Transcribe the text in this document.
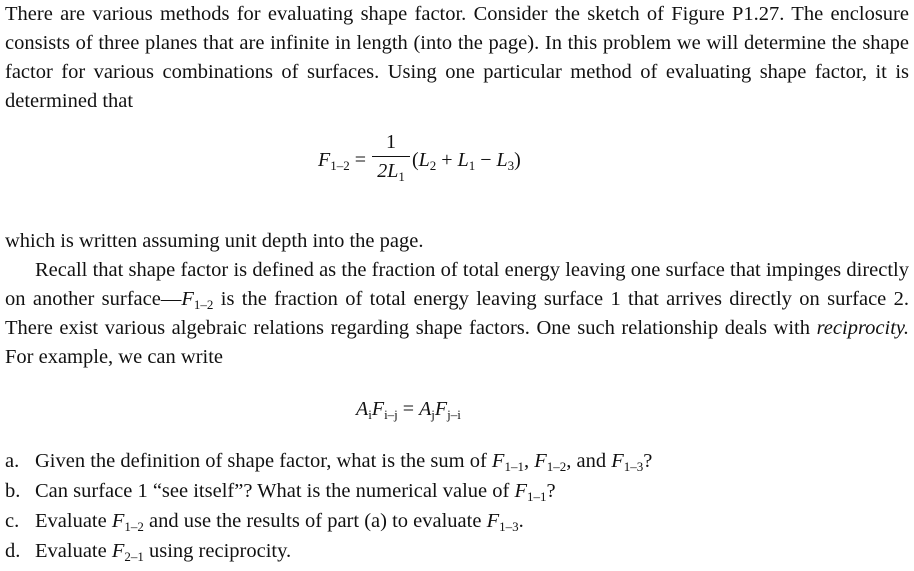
There are various methods for evaluating shape factor. Consider the sketch of Figure P1.27. The enclosure consists of three planes that are infinite in length (into the page). In this problem we will determine the shape factor for various combinations of surfaces. Using one particular method of evaluating shape factor, it is determined that

$F_{1-2}$ =
1
$2L_1$
$(L_2 + L_1 - L_3)$

which is written assuming unit depth into the page.

Recall that shape factor is defined as the fraction of total energy leaving one surface that impinges directly on another $surface—F_{1-2}$ is the fraction of total energy leaving surface 1 that arrives directly on surface 2. There exist various algebraic relations regarding shape factors. One such relationship deals with reciprocity. For example, we can write

$A_iF_{i-j} = A_jF_{j-i}$
a. Given the definition of shape factor, what is the sum of $F_{1-1}$, $F_{1-2}$, and $F_{1-3}$?
b. Can surface 1 “see itself”? What is the numerical value of $F_{1-1}$?
c. Evaluate $F_{1-2}$ and use the results of part (a) to evaluate $F_{1-3}$.
d. Evaluate $F_{2-1}$ using reciprocity.
